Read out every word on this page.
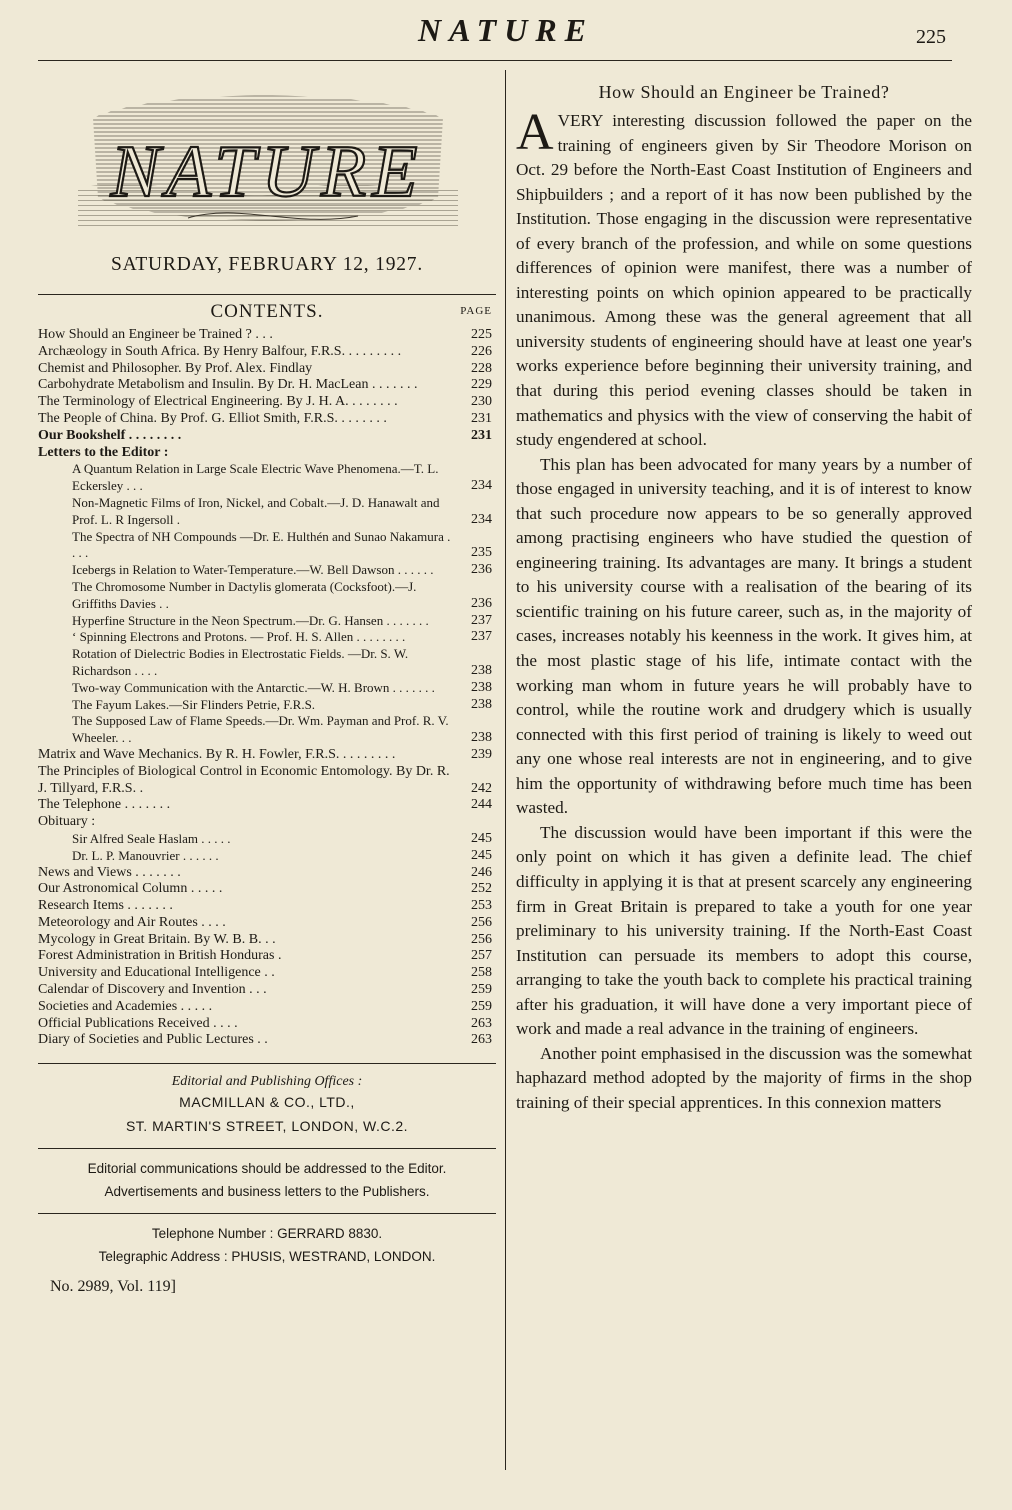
NATURE	225
NATURE
SATURDAY, FEBRUARY 12, 1927.
CONTENTS.	PAGE
How Should an Engineer be Trained ? . . .	225
Archæology in South Africa. By Henry Balfour, F.R.S. . . . . . . . .	226
Chemist and Philosopher. By Prof. Alex. Findlay	228
Carbohydrate Metabolism and Insulin. By Dr. H. MacLean . . . . . . .	229
The Terminology of Electrical Engineering. By J. H. A. . . . . . . .	230
The People of China. By Prof. G. Elliot Smith, F.R.S. . . . . . . .	231
Our Bookshelf . . . . . . . .	231
Letters to the Editor :
A Quantum Relation in Large Scale Electric Wave Phenomena.—T. L. Eckersley . . .	234
Non-Magnetic Films of Iron, Nickel, and Cobalt.—J. D. Hanawalt and Prof. L. R Ingersoll .	234
The Spectra of NH Compounds —Dr. E. Hulthén and Sunao Nakamura . . . .	235
Icebergs in Relation to Water-Temperature.—W. Bell Dawson . . . . . .	236
The Chromosome Number in Dactylis glomerata (Cocksfoot).—J. Griffiths Davies . .	236
Hyperfine Structure in the Neon Spectrum.—Dr. G. Hansen . . . . . . .	237
‘ Spinning Electrons and Protons. — Prof. H. S. Allen . . . . . . . .	237
Rotation of Dielectric Bodies in Electrostatic Fields. —Dr. S. W. Richardson . . . .	238
Two-way Communication with the Antarctic.—W. H. Brown . . . . . . .	238
The Fayum Lakes.—Sir Flinders Petrie, F.R.S.	238
The Supposed Law of Flame Speeds.—Dr. Wm. Payman and Prof. R. V. Wheeler. . .	238
Matrix and Wave Mechanics. By R. H. Fowler, F.R.S. . . . . . . . .	239
The Principles of Biological Control in Economic Entomology. By Dr. R. J. Tillyard, F.R.S. .	242
The Telephone . . . . . . .	244
Obituary :
Sir Alfred Seale Haslam . . . . .	245
Dr. L. P. Manouvrier . . . . . .	245
News and Views . . . . . . .	246
Our Astronomical Column . . . . .	252
Research Items . . . . . . .	253
Meteorology and Air Routes . . . .	256
Mycology in Great Britain. By W. B. B. . .	256
Forest Administration in British Honduras .	257
University and Educational Intelligence . .	258
Calendar of Discovery and Invention . . .	259
Societies and Academies . . . . .	259
Official Publications Received . . . .	263
Diary of Societies and Public Lectures . .	263
Editorial and Publishing Offices :
MACMILLAN & CO., LTD.,
ST. MARTIN'S STREET, LONDON, W.C.2.
Editorial communications should be addressed to the Editor.
Advertisements and business letters to the Publishers.
Telephone Number : GERRARD 8830.
Telegraphic Address : PHUSIS, WESTRAND, LONDON.
No. 2989, Vol. 119]
How Should an Engineer be Trained?

A VERY interesting discussion followed the paper on the training of engineers given by Sir Theodore Morison on Oct. 29 before the North-East Coast Institution of Engineers and Shipbuilders ; and a report of it has now been published by the Institution. Those engaging in the discussion were representative of every branch of the profession, and while on some questions differences of opinion were manifest, there was a number of interesting points on which opinion appeared to be practically unanimous. Among these was the general agreement that all university students of engineering should have at least one year's works experience before beginning their university training, and that during this period evening classes should be taken in mathematics and physics with the view of conserving the habit of study engendered at school.

This plan has been advocated for many years by a number of those engaged in university teaching, and it is of interest to know that such procedure now appears to be so generally approved among practising engineers who have studied the question of engineering training. Its advantages are many. It brings a student to his university course with a realisation of the bearing of its scientific training on his future career, such as, in the majority of cases, increases notably his keenness in the work. It gives him, at the most plastic stage of his life, intimate contact with the working man whom in future years he will probably have to control, while the routine work and drudgery which is usually connected with this first period of training is likely to weed out any one whose real interests are not in engineering, and to give him the opportunity of withdrawing before much time has been wasted.

The discussion would have been important if this were the only point on which it has given a definite lead. The chief difficulty in applying it is that at present scarcely any engineering firm in Great Britain is prepared to take a youth for one year preliminary to his university training. If the North-East Coast Institution can persuade its members to adopt this course, arranging to take the youth back to complete his practical training after his graduation, it will have done a very important piece of work and made a real advance in the training of engineers.

Another point emphasised in the discussion was the somewhat haphazard method adopted by the majority of firms in the shop training of their special apprentices. In this connexion matters
